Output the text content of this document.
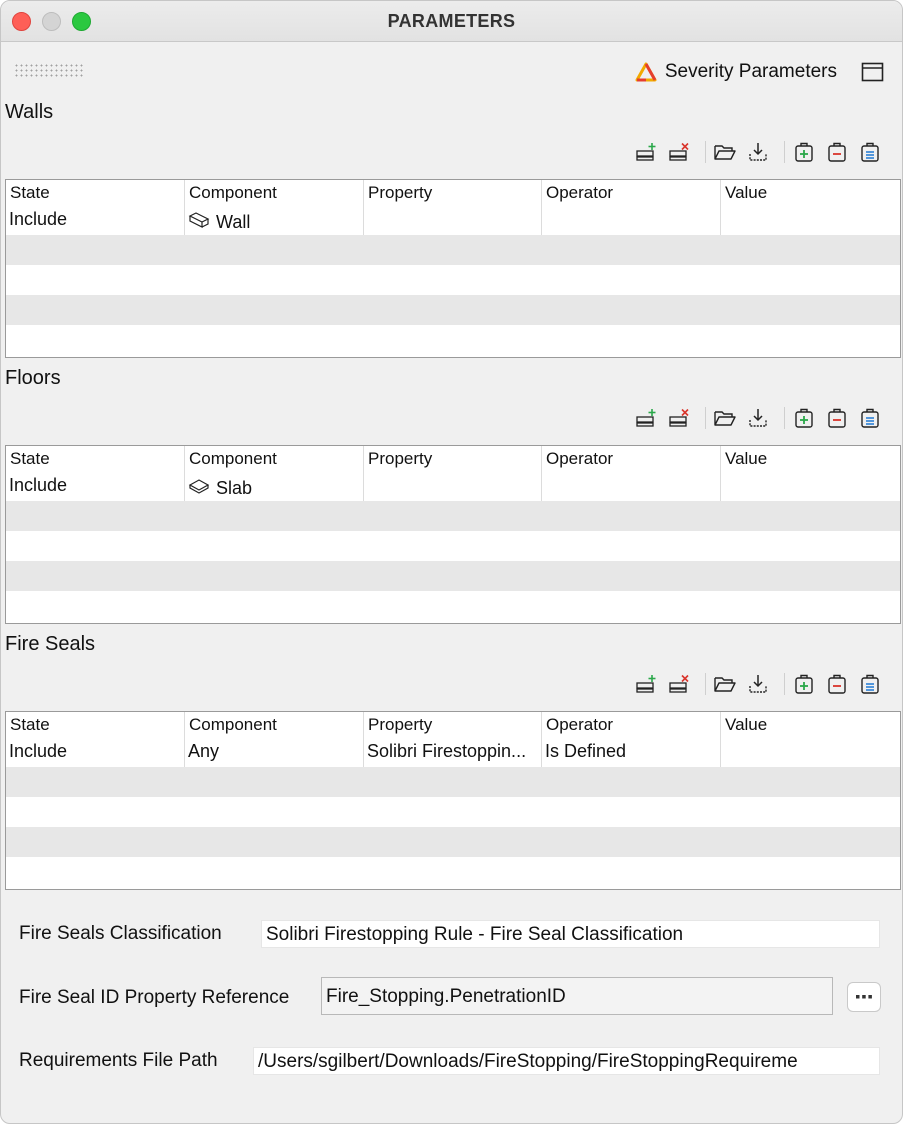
PARAMETERS
Severity Parameters
Walls
State	Component	Property	Operator	Value
Include	Wall
Floors
State	Component	Property	Operator	Value
Include	Slab
Fire Seals
State	Component	Property	Operator	Value
Include	Any	Solibri Firestoppin...	Is Defined
Fire Seals Classification Solibri Firestopping Rule - Fire Seal Classification
Fire Seal ID Property Reference Fire_Stopping.PenetrationID
Requirements File Path /Users/sgilbert/Downloads/FireStopping/FireStoppingRequireme
